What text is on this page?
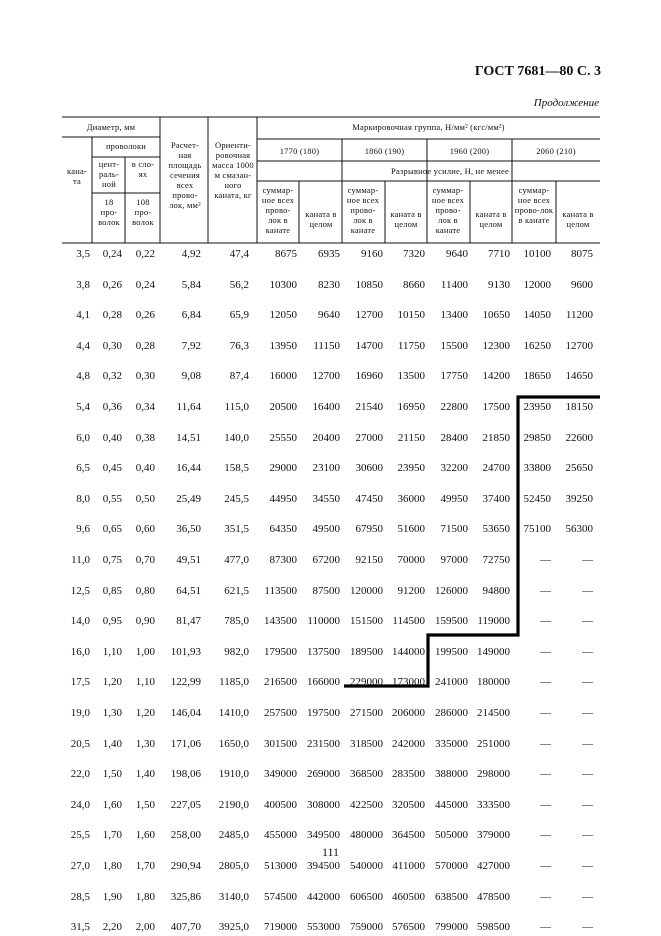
ГОСТ 7681—80 С. 3
Продолжение
Диаметр, мм
кана-та
проволоки
цент-раль-ной
в сло-ях
18 про-волок
108 про-волок
Расчет-ная площадь сечения всех прово-лок, мм²
Ориенти-ровочная масса 1000 м смазан-ного каната, кг
Маркировочная группа, Н/мм² (кгс/мм²)
1770 (180)	1860 (190)	1960 (200)	2060 (210)
Разрывное усилие, Н, не менее
суммар-ное всех прово-лок в канате
каната в целом
суммар-ное всех прово-лок в канате
каната в целом
суммар-ное всех прово-лок в канате
каната в целом
суммар-ное всех прово-лок в канате
каната в целом
3,5 0,24 0,22 4,92	47,4 8675 6935 9160 7320 9640 7710 10100 8075
3,8 0,26 0,24 5,84	56,2 10300 8230 10850 8660 11400 9130 12000 9600
4,1 0,28 0,26 6,84	65,9 12050 9640 12700 10150 13400 10650 14050 11200
4,4 0,30 0,28 7,92	76,3 13950 11150 14700 11750 15500 12300 16250 12700
4,8 0,32 0,30 9,08	87,4 16000 12700 16960 13500 17750 14200 18650 14650
5,4 0,36 0,34 11,64 115,0 20500 16400 21540 16950 22800 17500 23950 18150
6,0 0,40 0,38 14,51 140,0 25550 20400 27000 21150 28400 21850 29850 22600
6,5 0,45 0,40 16,44 158,5 29000 23100 30600 23950 32200 24700 33800 25650
8,0 0,55 0,50 25,49 245,5 44950 34550 47450 36000 49950 37400 52450 39250
9,6 0,65 0,60 36,50 351,5 64350 49500 67950 51600 71500 53650 75100 56300
11,0 0,75 0,70 49,51 477,0 87300 67200 92150 70000 97000 72750	—	—
12,5 0,85 0,80 64,51 621,5 113500 87500 120000 91200 126000 94800	—	—
14,0 0,95 0,90 81,47 785,0 143500 110000 151500 114500 159500 119000	—	—
16,0 1,10 1,00 101,93 982,0 179500 137500 189500 144000 199500 149000	—	—
17,5 1,20 1,10 122,99 1185,0 216500 166000 229000 173000 241000 180000	—	—
19,0 1,30 1,20 146,04 1410,0 257500 197500 271500 206000 286000 214500	—	—
20,5 1,40 1,30 171,06 1650,0 301500 231500 318500 242000 335000 251000	—	—
22,0 1,50 1,40 198,06 1910,0 349000 269000 368500 283500 388000 298000	—	—
24,0 1,60 1,50 227,05 2190,0 400500 308000 422500 320500 445000 333500	—	—
25,5 1,70 1,60 258,00 2485,0 455000 349500 480000 364500 505000 379000	—	—
27,0 1,80 1,70 290,94 2805,0 513000 394500 540000 411000 570000 427000	—	—
28,5 1,90 1,80 325,86 3140,0 574500 442000 606500 460500 638500 478500	—	—
31,5 2,20 2,00 407,70 3925,0 719000 553000 759000 576500 799000 598500	—	—
111
